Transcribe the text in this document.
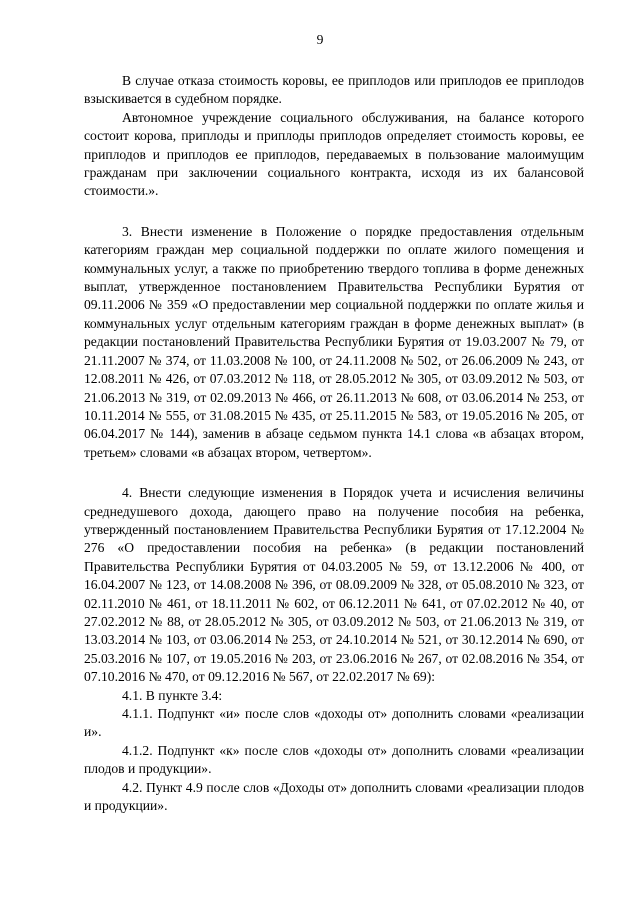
9

В случае отказа стоимость коровы, ее приплодов или приплодов ее приплодов взыскивается в судебном порядке.

Автономное учреждение социального обслуживания, на балансе которого состоит корова, приплоды и приплоды приплодов определяет стоимость коровы, ее приплодов и приплодов ее приплодов, передаваемых в пользование малоимущим гражданам при заключении социального контракта, исходя из их балансовой стоимости.».

3. Внести изменение в Положение о порядке предоставления отдельным категориям граждан мер социальной поддержки по оплате жилого помещения и коммунальных услуг, а также по приобретению твердого топлива в форме денежных выплат, утвержденное постановлением Правительства Республики Бурятия от 09.11.2006 № 359 «О предоставлении мер социальной поддержки по оплате жилья и коммунальных услуг отдельным категориям граждан в форме денежных выплат» (в редакции постановлений Правительства Республики Бурятия от 19.03.2007 № 79, от 21.11.2007 № 374, от 11.03.2008 № 100, от 24.11.2008 № 502, от 26.06.2009 № 243, от 12.08.2011 № 426, от 07.03.2012 № 118, от 28.05.2012 № 305, от 03.09.2012 № 503, от 21.06.2013 № 319, от 02.09.2013 № 466, от 26.11.2013 № 608, от 03.06.2014 № 253, от 10.11.2014 № 555, от 31.08.2015 № 435, от 25.11.2015 № 583, от 19.05.2016 № 205, от 06.04.2017 № 144), заменив в абзаце седьмом пункта 14.1 слова «в абзацах втором, третьем» словами «в абзацах втором, четвертом».

4. Внести следующие изменения в Порядок учета и исчисления величины среднедушевого дохода, дающего право на получение пособия на ребенка, утвержденный постановлением Правительства Республики Бурятия от 17.12.2004 № 276 «О предоставлении пособия на ребенка» (в редакции постановлений Правительства Республики Бурятия от 04.03.2005 № 59, от 13.12.2006 № 400, от 16.04.2007 № 123, от 14.08.2008 № 396, от 08.09.2009 № 328, от 05.08.2010 № 323, от 02.11.2010 № 461, от 18.11.2011 № 602, от 06.12.2011 № 641, от 07.02.2012 № 40, от 27.02.2012 № 88, от 28.05.2012 № 305, от 03.09.2012 № 503, от 21.06.2013 № 319, от 13.03.2014 № 103, от 03.06.2014 № 253, от 24.10.2014 № 521, от 30.12.2014 № 690, от 25.03.2016 № 107, от 19.05.2016 № 203, от 23.06.2016 № 267, от 02.08.2016 № 354, от 07.10.2016 № 470, от 09.12.2016 № 567, от 22.02.2017 № 69):

4.1. В пункте 3.4:

4.1.1. Подпункт «и» после слов «доходы от» дополнить словами «реализации и».

4.1.2. Подпункт «к» после слов «доходы от» дополнить словами «реализации плодов и продукции».

4.2. Пункт 4.9 после слов «Доходы от» дополнить словами «реализации плодов и продукции».
